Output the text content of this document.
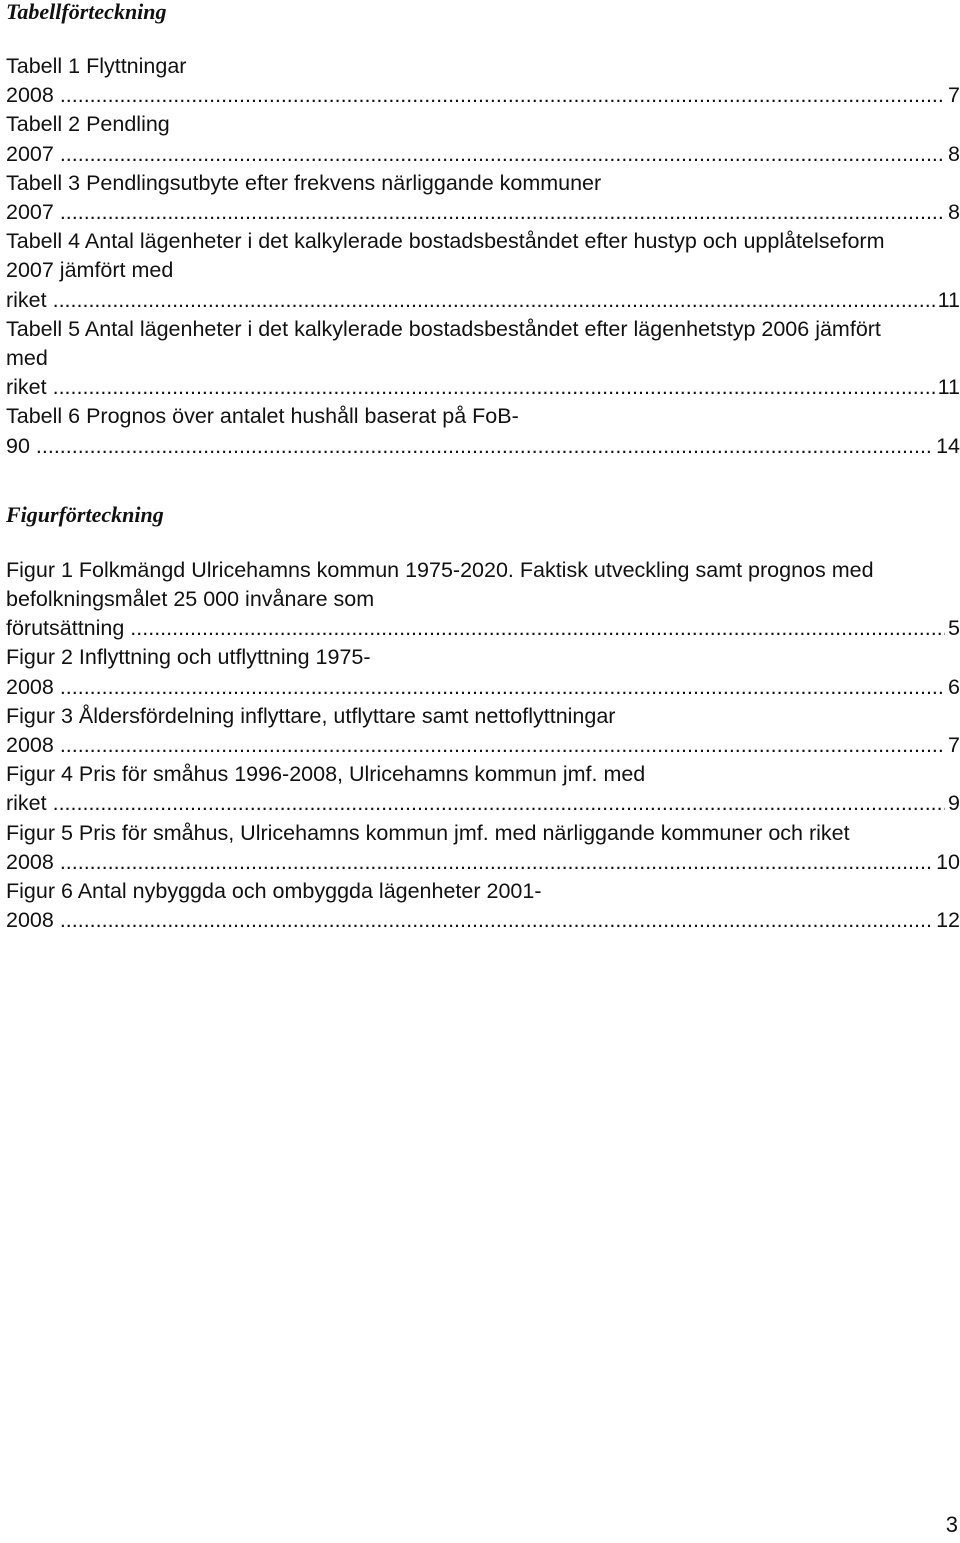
Tabellförteckning
Tabell 1 Flyttningar 2008 .....	7
Tabell 2 Pendling 2007 .....	8
Tabell 3 Pendlingsutbyte efter frekvens närliggande kommuner 2007 .....	8
Tabell 4 Antal lägenheter i det kalkylerade bostadsbeståndet efter hustyp och upplåtelseform 2007 jämfört med riket .....	11
Tabell 5 Antal lägenheter i det kalkylerade bostadsbeståndet efter lägenhetstyp 2006 jämfört med riket .....	11
Tabell 6 Prognos över antalet hushåll baserat på FoB-90 .....	14
Figurförteckning
Figur 1 Folkmängd Ulricehamns kommun 1975-2020. Faktisk utveckling samt prognos med befolkningsmålet 25 000 invånare som förutsättning .....	5
Figur 2 Inflyttning och utflyttning 1975-2008 .....	6
Figur 3 Åldersfördelning inflyttare, utflyttare samt nettoflyttningar 2008 .....	7
Figur 4 Pris för småhus 1996-2008, Ulricehamns kommun jmf. med riket .....	9
Figur 5 Pris för småhus, Ulricehamns kommun jmf. med närliggande kommuner och riket 2008 .....	10
Figur 6 Antal nybyggda och ombyggda lägenheter 2001-2008 .....	12
3
